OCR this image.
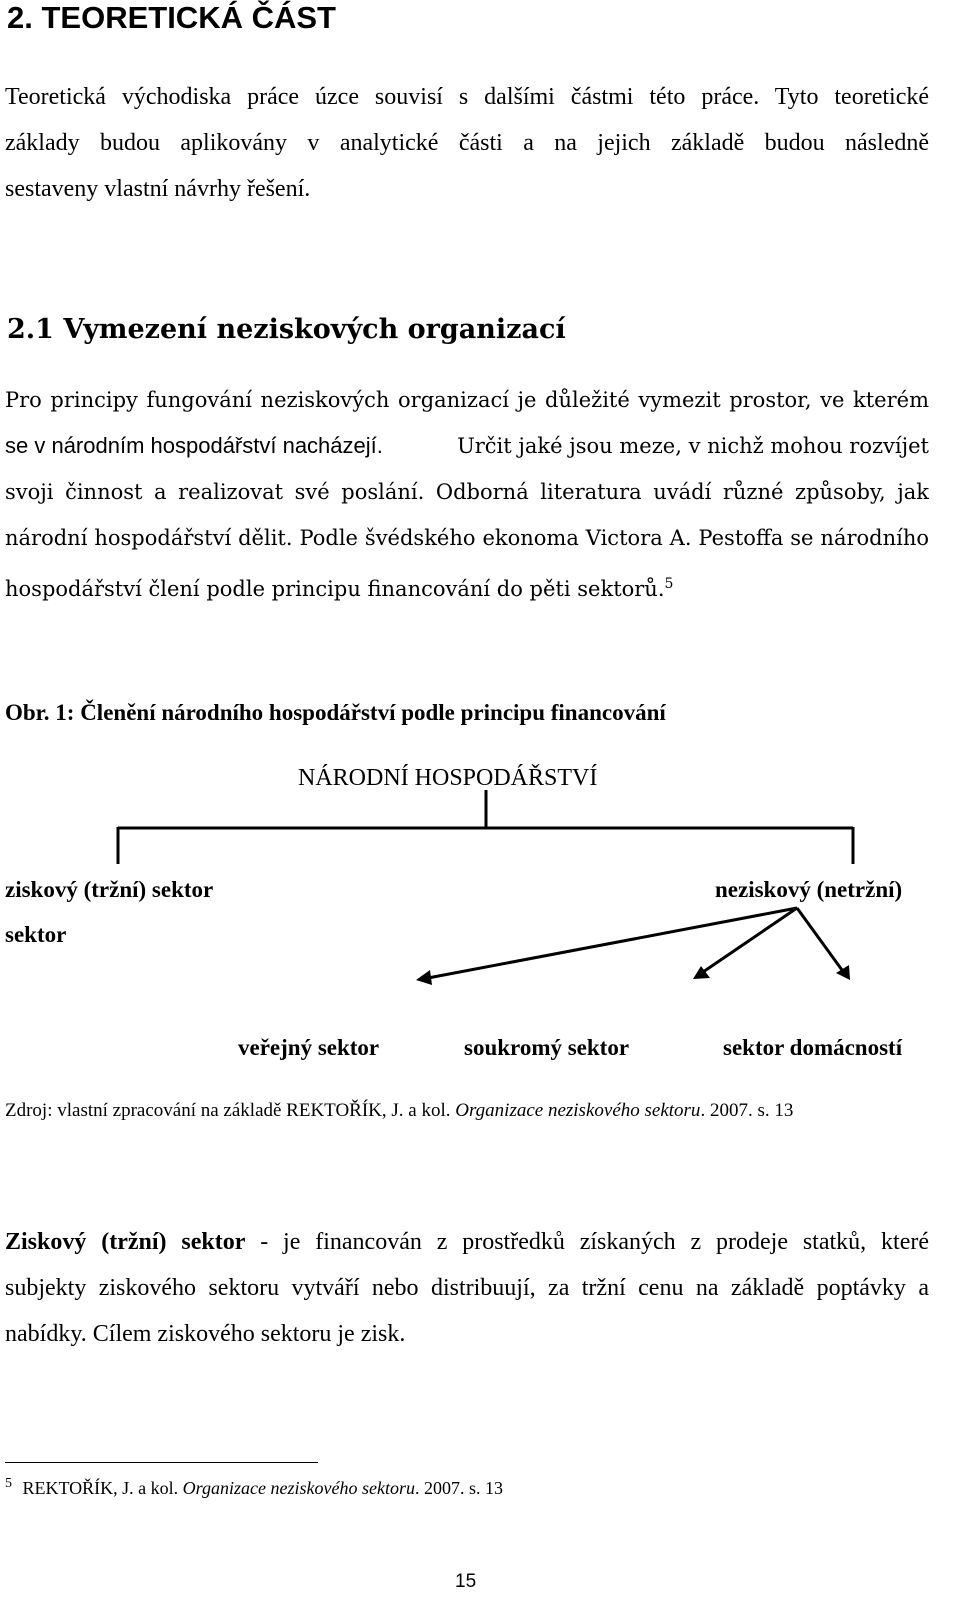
2. TEORETICKÁ ČÁST
Teoretická východiska práce úzce souvisí s dalšími částmi této práce. Tyto teoretické
základy budou aplikovány v analytické části a na jejich základě budou následně
sestaveny vlastní návrhy řešení.
2.1 Vymezení neziskových organizací
Pro principy fungování neziskových organizací je důležité vymezit prostor, ve kterém
se v národním hospodářství nacházejí.	Určit jaké jsou meze, v nichž mohou rozvíjet
svoji činnost a realizovat své poslání. Odborná literatura uvádí různé způsoby, jak
národní hospodářství dělit. Podle švédského ekonoma Victora A. Pestoffa se národního
hospodářství člení podle principu financování do pěti sektorů.$^5$
Obr. 1: Členění národního hospodářství podle principu financování
NÁRODNÍ HOSPODÁŘSTVÍ
ziskový (tržní) sektor
sektor
neziskový (netržní)
veřejný sektor	soukromý sektor	sektor domácností
Zdroj: vlastní zpracování na základě REKTOŘÍK, J. a kol. Organizace neziskového sektoru. 2007. s. 13
Ziskový (tržní) sektor - je financován z prostředků získaných z prodeje statků, které
subjekty ziskového sektoru vytváří nebo distribuují, za tržní cenu na základě poptávky a
nabídky. Cílem ziskového sektoru je zisk.
$^5$ REKTOŘÍK, J. a kol. Organizace neziskového sektoru. 2007. s. 13
15
